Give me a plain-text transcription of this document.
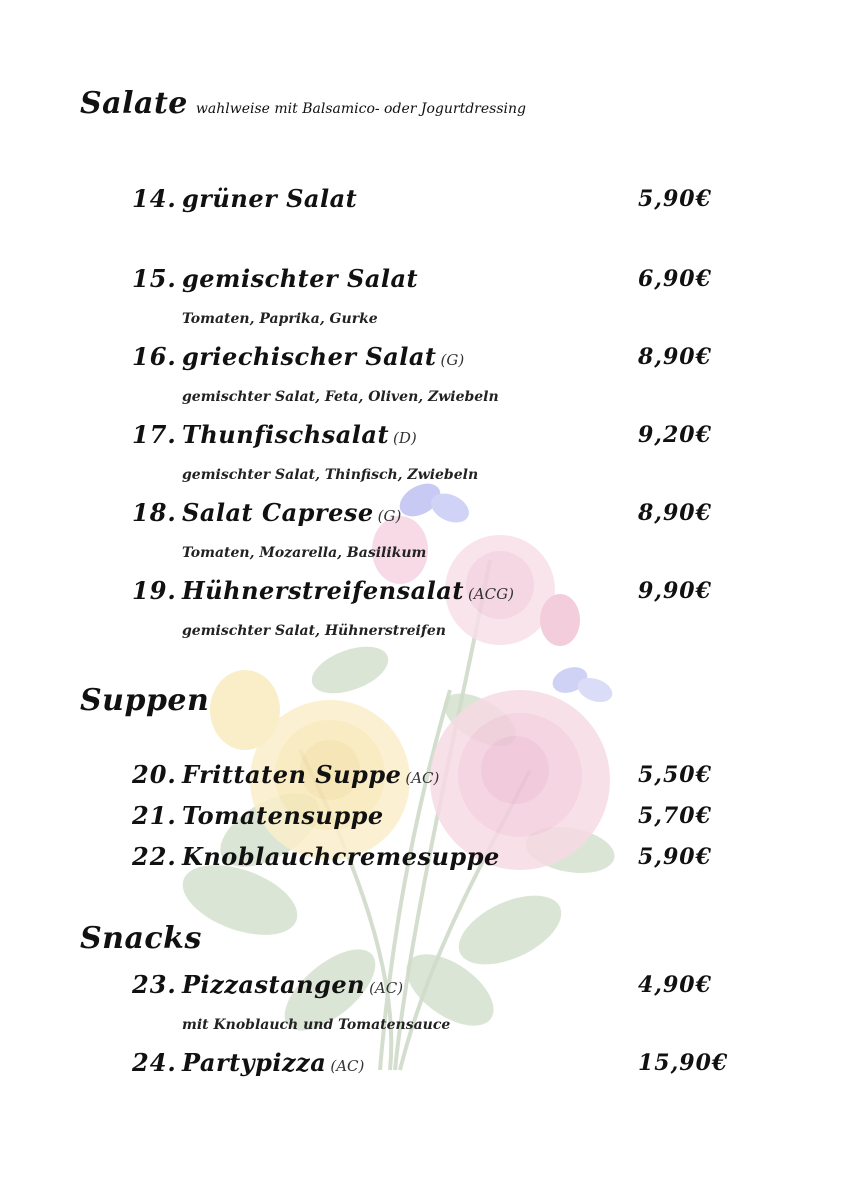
Salate wahlweise mit Balsamico- oder Jogurtdressing
14. grüner Salat	5,90€
15. gemischter Salat	6,90€
Tomaten, Paprika, Gurke
16. griechischer Salat (G)	8,90€
gemischter Salat, Feta, Oliven, Zwiebeln
17. Thunfischsalat (D)	9,20€
gemischter Salat, Thinfisch, Zwiebeln
18. Salat Caprese (G)	8,90€
Tomaten, Mozarella, Basilikum
19. Hühnerstreifensalat (ACG)	9,90€
gemischter Salat, Hühnerstreifen
Suppen
20. Frittaten Suppe (AC)	5,50€
21. Tomatensuppe	5,70€
22. Knoblauchcremesuppe	5,90€
Snacks
23. Pizzastangen (AC)	4,90€
mit Knoblauch und Tomatensauce
24. Partypizza (AC)	15,90€
